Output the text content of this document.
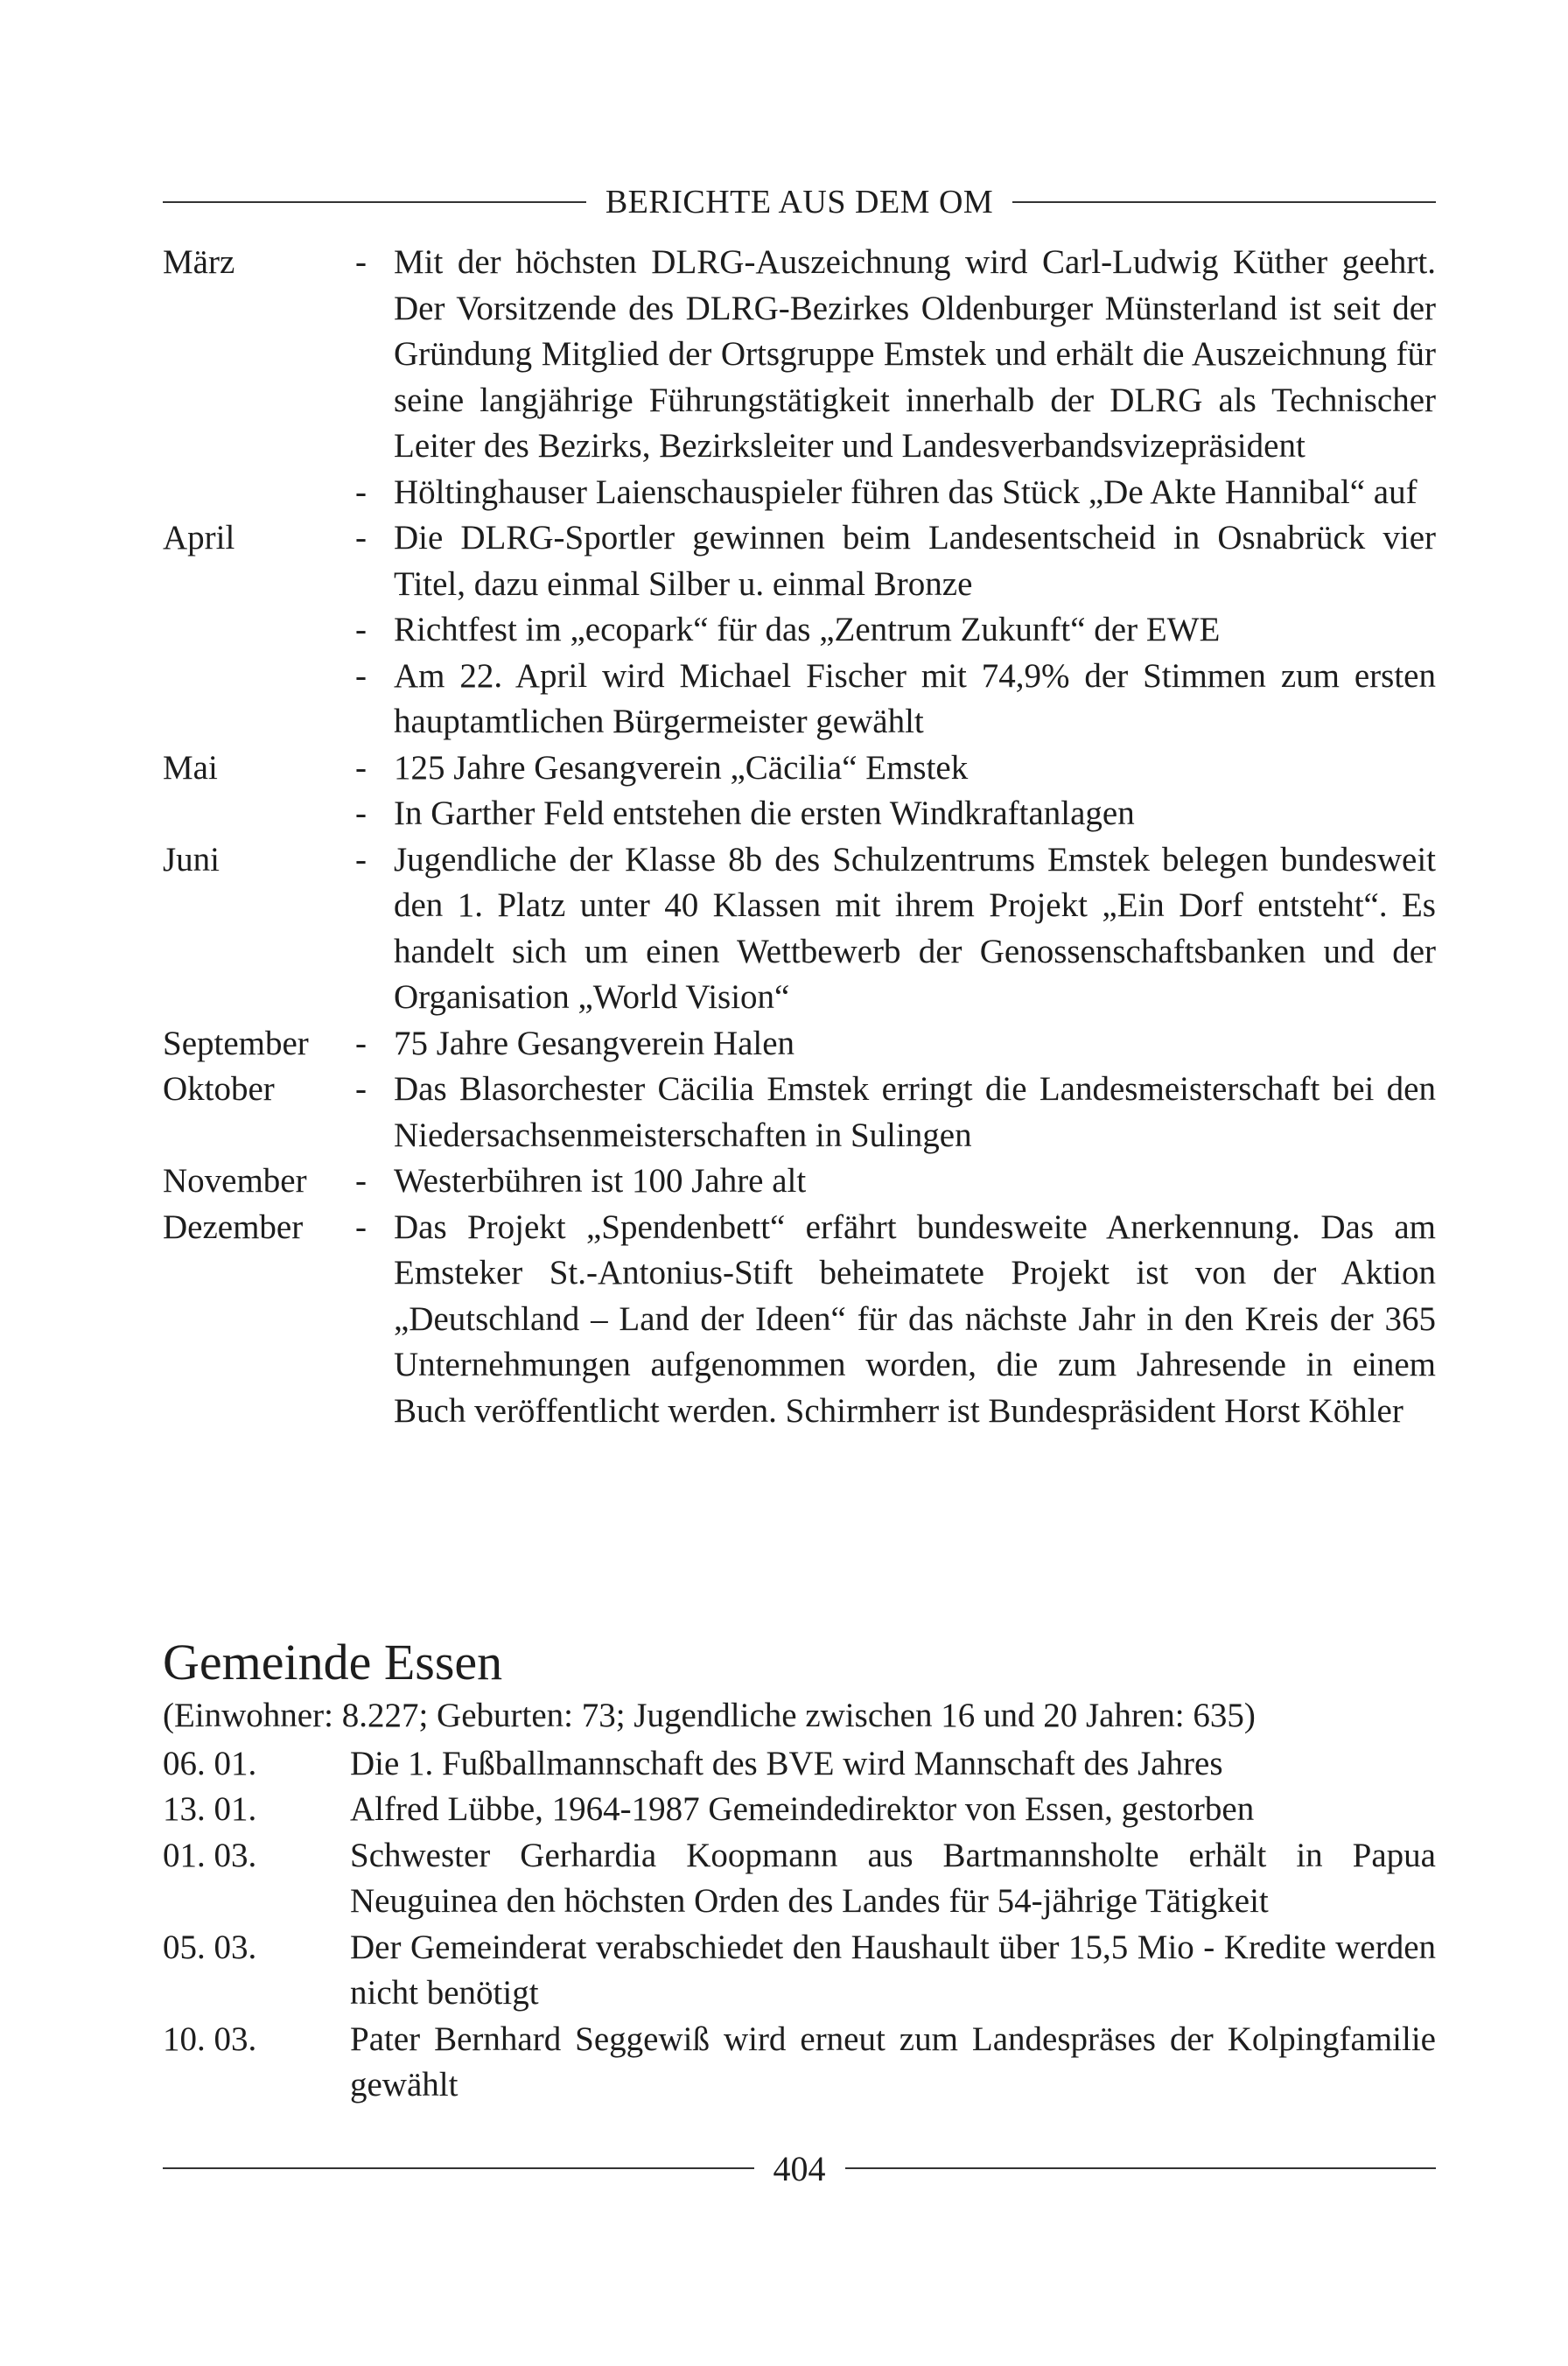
BERICHTE AUS DEM OM
März	- Mit der höchsten DLRG-Auszeichnung wird Carl-Ludwig Küther geehrt. Der Vorsitzende des DLRG-Bezirkes Oldenburger Münsterland ist seit der Gründung Mitglied der Ortsgruppe Emstek und erhält die Auszeichnung für seine langjährige Führungstätigkeit innerhalb der DLRG als Technischer Leiter des Bezirks, Bezirksleiter und Landesverbandsvizepräsident
- Höltinghauser Laienschauspieler führen das Stück „De Akte Hannibal“ auf
April	- Die DLRG-Sportler gewinnen beim Landesentscheid in Osnabrück vier Titel, dazu einmal Silber u. einmal Bronze
- Richtfest im „ecopark“ für das „Zentrum Zukunft“ der EWE
- Am 22. April wird Michael Fischer mit 74,9% der Stimmen zum ersten hauptamtlichen Bürgermeister gewählt
Mai	- 125 Jahre Gesangverein „Cäcilia“ Emstek
- In Garther Feld entstehen die ersten Windkraftanlagen
Juni	- Jugendliche der Klasse 8b des Schulzentrums Emstek belegen bundesweit den 1. Platz unter 40 Klassen mit ihrem Projekt „Ein Dorf entsteht“. Es handelt sich um einen Wettbewerb der Genossenschaftsbanken und der Organisation „World Vision“
September	- 75 Jahre Gesangverein Halen
Oktober	- Das Blasorchester Cäcilia Emstek erringt die Landesmeisterschaft bei den Niedersachsenmeisterschaften in Sulingen
November	- Westerbühren ist 100 Jahre alt
Dezember	- Das Projekt „Spendenbett“ erfährt bundesweite Anerkennung. Das am Emsteker St.-Antonius-Stift beheimatete Projekt ist von der Aktion „Deutschland – Land der Ideen“ für das nächste Jahr in den Kreis der 365 Unternehmungen aufgenommen worden, die zum Jahresende in einem Buch veröffentlicht werden. Schirmherr ist Bundespräsident Horst Köhler
Gemeinde Essen

(Einwohner: 8.227; Geburten: 73; Jugendliche zwischen 16 und 20 Jahren: 635)

06. 01.	Die 1. Fußballmannschaft des BVE wird Mannschaft des Jahres
13. 01.	Alfred Lübbe, 1964-1987 Gemeindedirektor von Essen, gestorben
01. 03.	Schwester Gerhardia Koopmann aus Bartmannsholte erhält in Papua Neuguinea den höchsten Orden des Landes für 54-jährige Tätigkeit
05. 03.	Der Gemeinderat verabschiedet den Haushault über 15,5 Mio - Kredite werden nicht benötigt
10. 03.	Pater Bernhard Seggewiß wird erneut zum Landespräses der Kolpingfamilie gewählt
404
